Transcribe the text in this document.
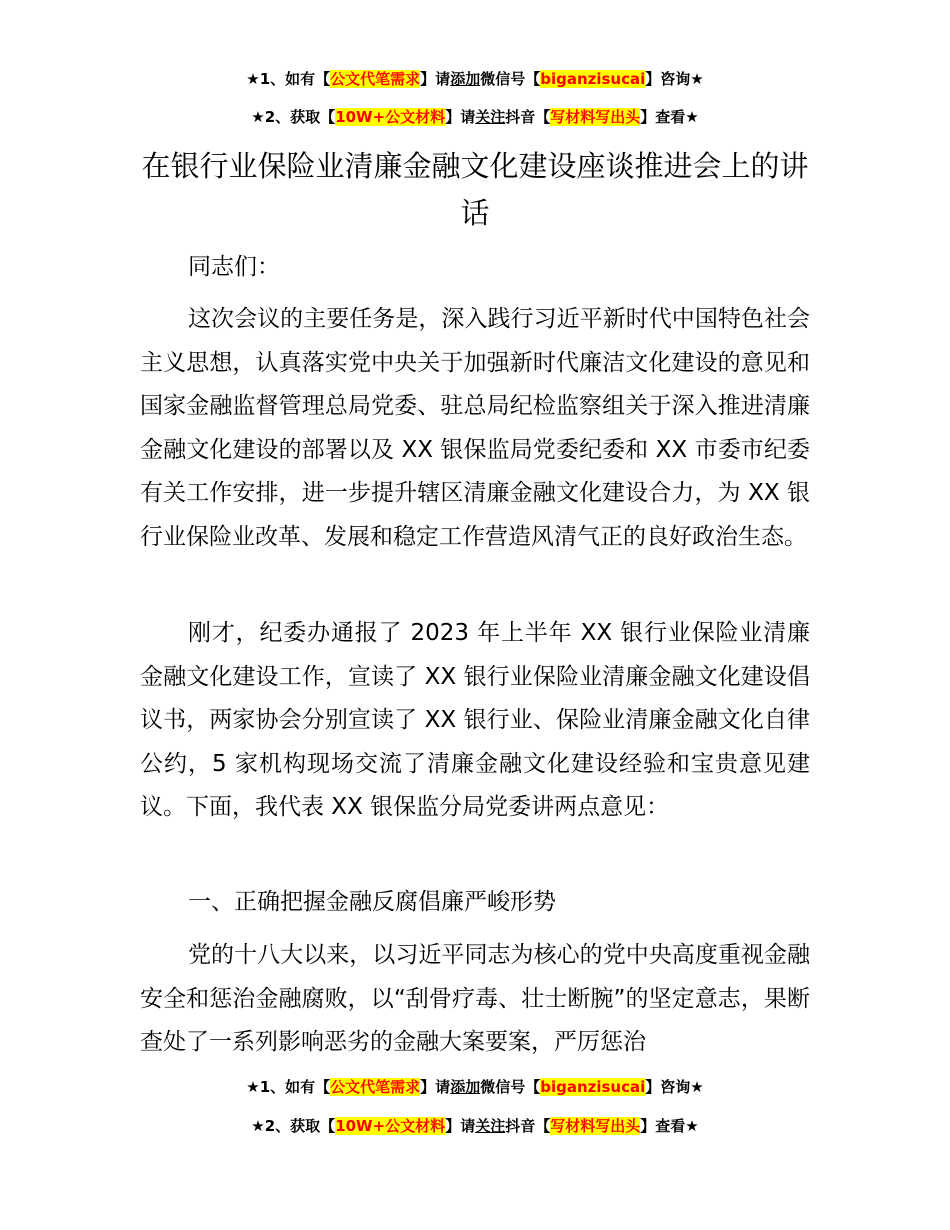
★1、如有【公文代笔需求】请添加微信号【biganzisucai】咨询★
★2、获取【10W+公文材料】请关注抖音【写材料写出头】查看★
在银行业保险业清廉金融文化建设座谈推进会上的讲话

同志们：

这次会议的主要任务是，深入践行习近平新时代中国特色社会主义思想，认真落实党中央关于加强新时代廉洁文化建设的意见和国家金融监督管理总局党委、驻总局纪检监察组关于深入推进清廉金融文化建设的部署以及 XX 银保监局党委纪委和 XX 市委市纪委有关工作安排，进一步提升辖区清廉金融文化建设合力，为 XX 银行业保险业改革、发展和稳定工作营造风清气正的良好政治生态。

刚才，纪委办通报了 2023 年上半年 XX 银行业保险业清廉金融文化建设工作，宣读了 XX 银行业保险业清廉金融文化建设倡议书，两家协会分别宣读了 XX 银行业、保险业清廉金融文化自律公约，5 家机构现场交流了清廉金融文化建设经验和宝贵意见建议。下面，我代表 XX 银保监分局党委讲两点意见：

一、正确把握金融反腐倡廉严峻形势

党的十八大以来，以习近平同志为核心的党中央高度重视金融安全和惩治金融腐败，以“刮骨疗毒、壮士断腕”的坚定意志，果断查处了一系列影响恶劣的金融大案要案，严厉惩治

★1、如有【公文代笔需求】请添加微信号【biganzisucai】咨询★
★2、获取【10W+公文材料】请关注抖音【写材料写出头】查看★
